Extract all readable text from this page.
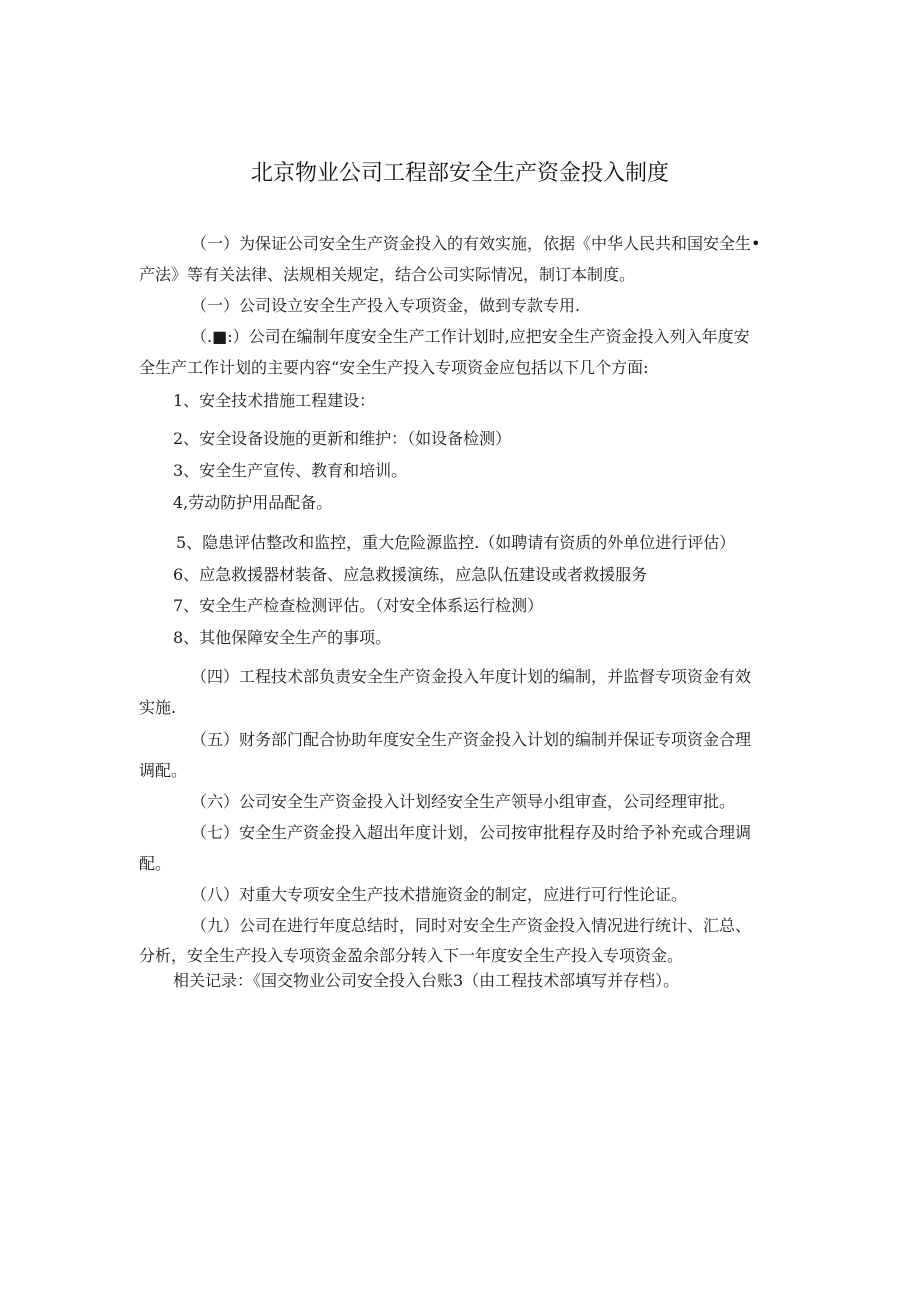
北京物业公司工程部安全生产资金投入制度
（一）为保证公司安全生产资金投入的有效实施，依据《中华人民共和国安全生•
产法》等有关法律、法规相关规定，结合公司实际情况，制订本制度。
（一）公司设立安全生产投入专项资金，做到专款专用.
（.■:）公司在编制年度安全生产工作计划时,应把安全生产资金投入列入年度安
全生产工作计划的主要内容“安全生产投入专项资金应包括以下几个方面:
1、安全技术措施工程建设：
2、安全设备设施的更新和维护：（如设备检测）
3、安全生产宣传、教育和培训。
4,劳动防护用品配备。
5、隐患评估整改和监控，重大危险源监控.（如聘请有资质的外单位进行评估）
6、应急救援器材装备、应急救援演练，应急队伍建设或者救援服务
7、安全生产检查检测评估。（对安全体系运行检测）
8、其他保障安全生产的事项。
（四）工程技术部负责安全生产资金投入年度计划的编制，并监督专项资金有效
实施.
（五）财务部门配合协助年度安全生产资金投入计划的编制并保证专项资金合理
调配。
（六）公司安全生产资金投入计划经安全生产领导小组审查，公司经理审批。
（七）安全生产资金投入超出年度计划，公司按审批程存及时给予补充或合理调
配。
（八）对重大专项安全生产技术措施资金的制定，应进行可行性论证。
（九）公司在进行年度总结时，同时对安全生产资金投入情况进行统计、汇总、
分析，安全生产投入专项资金盈余部分转入下一年度安全生产投入专项资金。
相关记录：《国交物业公司安全投入台账3（由工程技术部填写并存档）。
